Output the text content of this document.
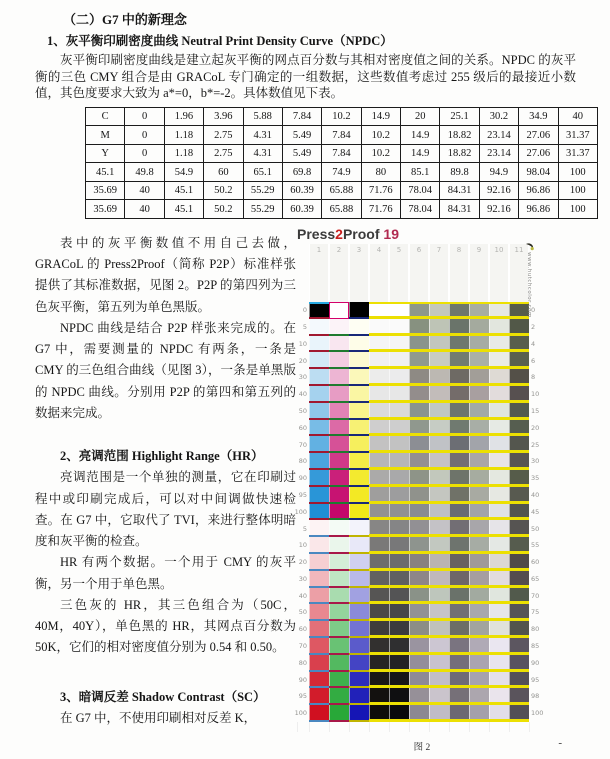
（二）G7 中的新理念
1、灰平衡印刷密度曲线 Neutral Print Density Curve（NPDC）

灰平衡印刷密度曲线是建立起灰平衡的网点百分数与其相对密度值之间的关系。NPDC 的灰平衡的三色 CMY 组合是由 GRACoL 专门确定的一组数据，这些数值考虑过 255 级后的最接近小数值，其色度要求大致为 a*=0，b*=-2。具体数值见下表。

C	0	1.96	3.96	5.88	7.84	10.2	14.9	20	25.1	30.2	34.9	40
M	0	1.18	2.75	4.31	5.49	7.84	10.2	14.9	18.82	23.14	27.06	31.37
Y	0	1.18	2.75	4.31	5.49	7.84	10.2	14.9	18.82	23.14	27.06	31.37
45.1	49.8	54.9	60	65.1	69.8	74.9	80	85.1	89.8	94.9	98.04	100
35.69	40	45.1	50.2	55.29	60.39	65.88	71.76	78.04	84.31	92.16	96.86	100
35.69	40	45.1	50.2	55.29	60.39	65.88	71.76	78.04	84.31	92.16	96.86	100

表中的灰平衡数值不用自己去做，GRACoL 的 Press2Proof（简称 P2P）标准样张提供了其标准数据，见图 2。P2P 的第四列为三色灰平衡，第五列为单色黑版。

NPDC 曲线是结合 P2P 样张来完成的。在 G7 中，需要测量的 NPDC 有两条，一条是 CMY 的三色组合曲线（见图 3），一条是单黑版的 NPDC 曲线。分别用 P2P 的第四和第五列的数据来完成。

2、亮调范围 Highlight Range（HR）

亮调范围是一个单独的测量，它在印刷过程中或印刷完成后，可以对中间调做快速检查。在 G7 中，它取代了 TVI，来进行整体明暗度和灰平衡的检查。

HR 有两个数据。一个用于 CMY 的灰平衡，另一个用于单色黑。

三色灰的 HR，其三色组合为（50C，40M，40Y），单色黑的 HR，其网点百分数为 50K，它们的相对密度值分别为 0.54 和 0.50。

3、暗调反差 Shadow Contrast（SC）

在 G7 中，不使用印刷相对反差 K，

Press2Proof 19
www.hutchcolor.com
1	2	3	4	5	6	7	8	9	10	11
0	0
5	2
10	4
20	6
30	8
40	10
50	15
60	20
70	25
80	30
90	35
95	40
100	45
5	50
10	55
20	60
30	65
40	70
50	75
60	80
70	85
80	90
90	95
95	98
100	100
图 2	-
